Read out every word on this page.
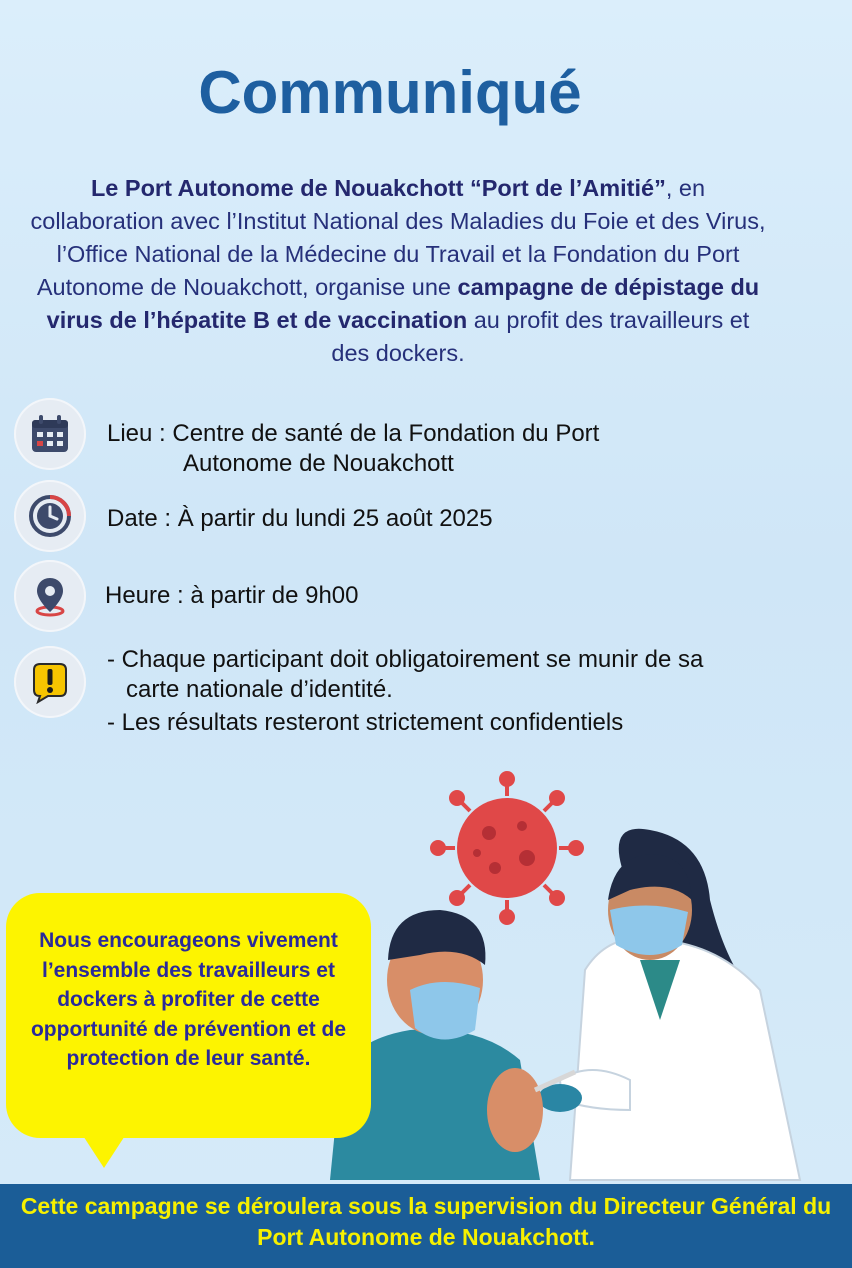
Communiqué

Le Port Autonome de Nouakchott “Port de l’Amitié”, en collaboration avec l’Institut National des Maladies du Foie et des Virus, l’Office National de la Médecine du Travail et la Fondation du Port Autonome de Nouakchott, organise une campagne de dépistage du virus de l’hépatite B et de vaccination au profit des travailleurs et des dockers.

Lieu : Centre de santé de la Fondation du Port
Autonome de Nouakchott
Date : À partir du lundi 25 août 2025
Heure : à partir de 9h00
- Chaque participant doit obligatoirement se munir de sa
carte nationale d’identité.
- Les résultats resteront strictement confidentiels
Nous encourageons vivement l’ensemble des travailleurs et dockers à profiter de cette opportunité de prévention et de protection de leur santé.
Cette campagne se déroulera sous la supervision du Directeur Général du Port Autonome de Nouakchott.
